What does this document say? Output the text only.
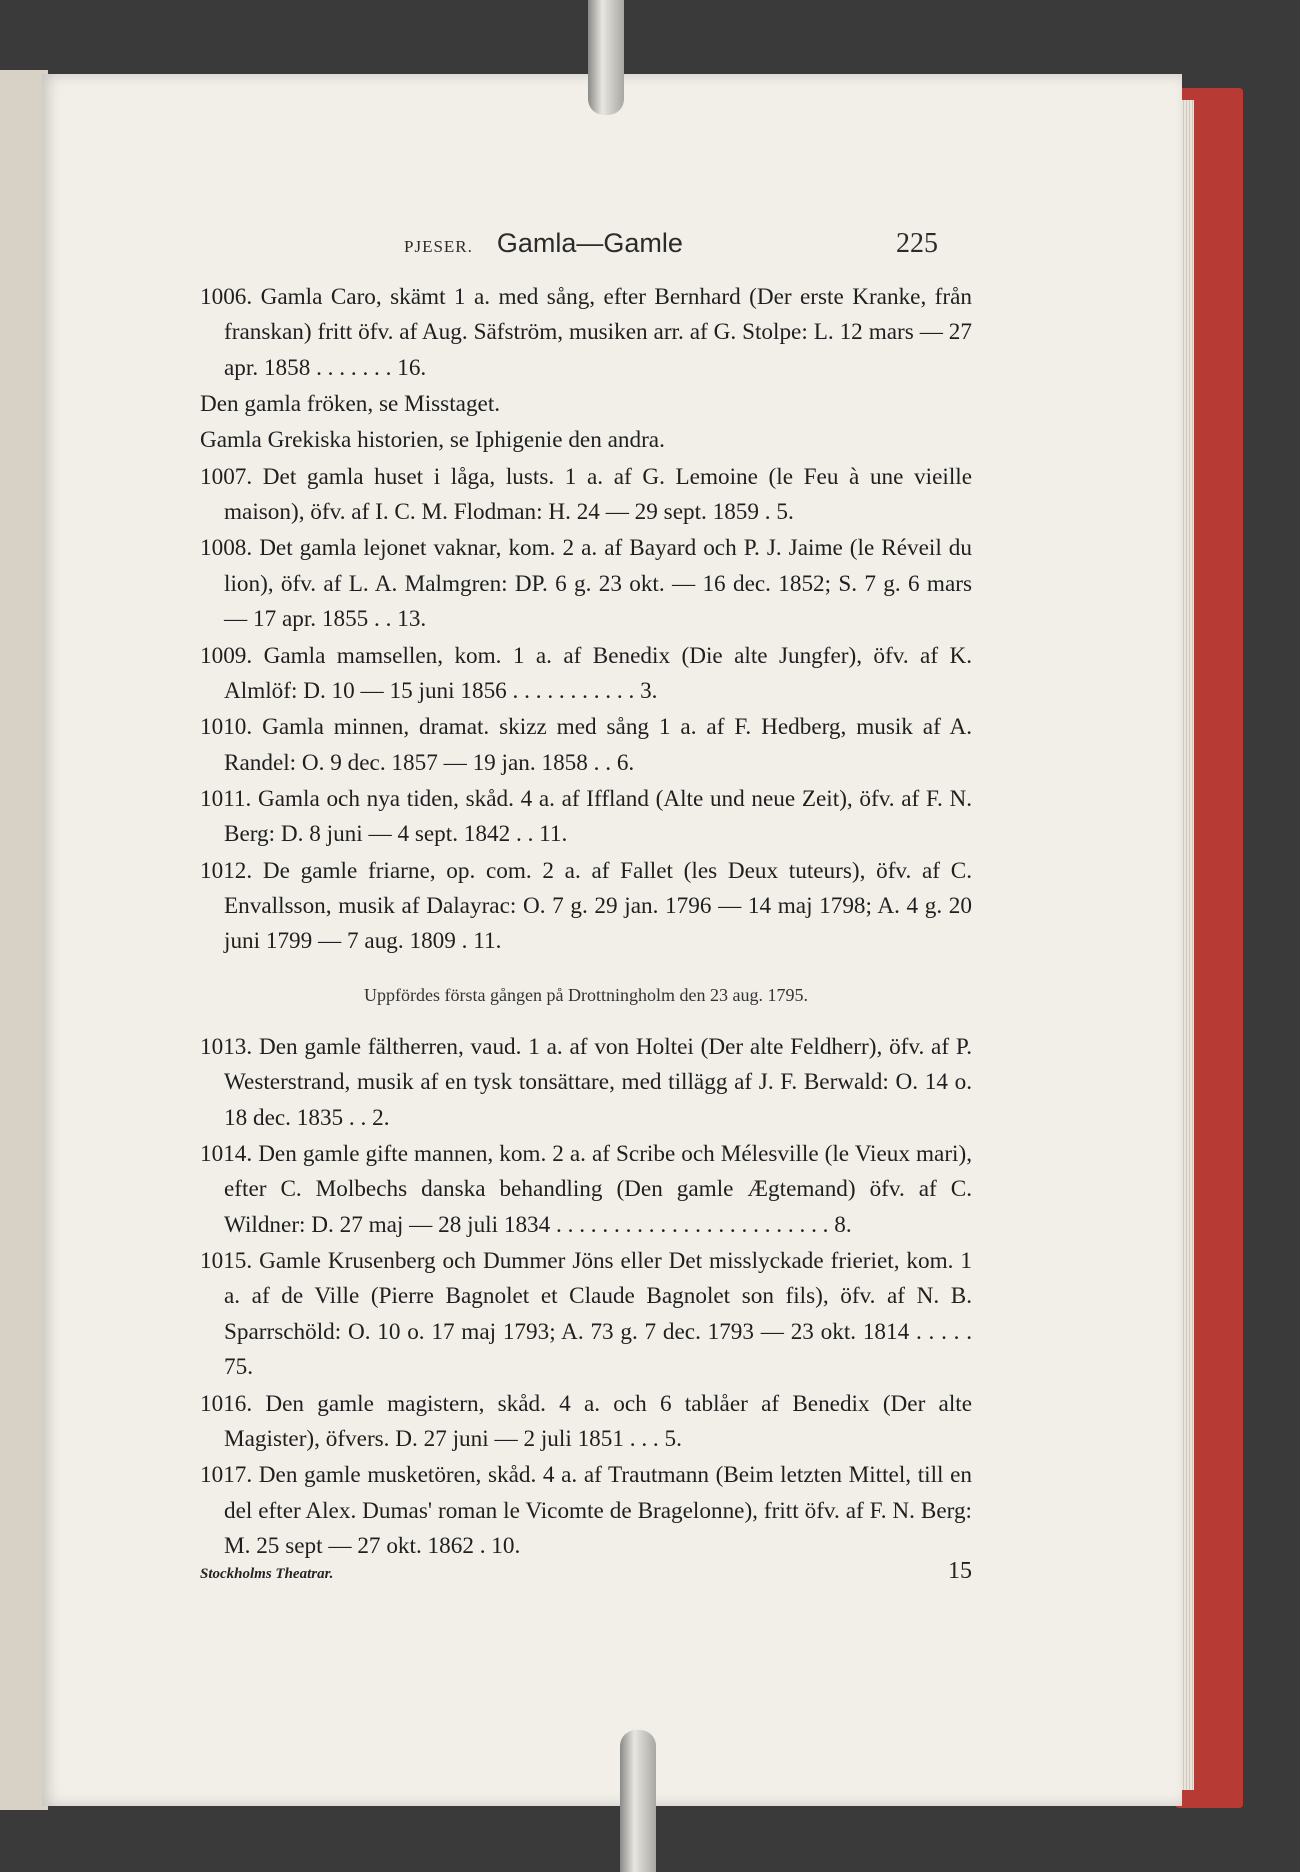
PJESER. Gamla—Gamle	225

1006. Gamla Caro, skämt 1 a. med sång, efter Bernhard (Der erste Kranke, från franskan) fritt öfv. af Aug. Säfström, musiken arr. af G. Stolpe: L. 12 mars — 27 apr. 1858 . . . . . . . 16.

Den gamla fröken, se Misstaget.

Gamla Grekiska historien, se Iphigenie den andra.

1007. Det gamla huset i låga, lusts. 1 a. af G. Lemoine (le Feu à une vieille maison), öfv. af I. C. M. Flodman: H. 24 — 29 sept. 1859 . 5.

1008. Det gamla lejonet vaknar, kom. 2 a. af Bayard och P. J. Jaime (le Réveil du lion), öfv. af L. A. Malmgren: DP. 6 g. 23 okt. — 16 dec. 1852; S. 7 g. 6 mars — 17 apr. 1855 . . 13.

1009. Gamla mamsellen, kom. 1 a. af Benedix (Die alte Jungfer), öfv. af K. Almlöf: D. 10 — 15 juni 1856 . . . . . . . . . . . 3.

1010. Gamla minnen, dramat. skizz med sång 1 a. af F. Hedberg, musik af A. Randel: O. 9 dec. 1857 — 19 jan. 1858 . . 6.

1011. Gamla och nya tiden, skåd. 4 a. af Iffland (Alte und neue Zeit), öfv. af F. N. Berg: D. 8 juni — 4 sept. 1842 . . 11.

1012. De gamle friarne, op. com. 2 a. af Fallet (les Deux tuteurs), öfv. af C. Envallsson, musik af Dalayrac: O. 7 g. 29 jan. 1796 — 14 maj 1798; A. 4 g. 20 juni 1799 — 7 aug. 1809 . 11.

Uppfördes första gången på Drottningholm den 23 aug. 1795.

1013. Den gamle fältherren, vaud. 1 a. af von Holtei (Der alte Feldherr), öfv. af P. Westerstrand, musik af en tysk tonsättare, med tillägg af J. F. Berwald: O. 14 o. 18 dec. 1835 . . 2.

1014. Den gamle gifte mannen, kom. 2 a. af Scribe och Mélesville (le Vieux mari), efter C. Molbechs danska behandling (Den gamle Ægtemand) öfv. af C. Wildner: D. 27 maj — 28 juli 1834 . . . . . . . . . . . . . . . . . . . . . . . . 8.

1015. Gamle Krusenberg och Dummer Jöns eller Det misslyckade frieriet, kom. 1 a. af de Ville (Pierre Bagnolet et Claude Bagnolet son fils), öfv. af N. B. Sparrschöld: O. 10 o. 17 maj 1793; A. 73 g. 7 dec. 1793 — 23 okt. 1814 . . . . . 75.

1016. Den gamle magistern, skåd. 4 a. och 6 tablåer af Benedix (Der alte Magister), öfvers. D. 27 juni — 2 juli 1851 . . . 5.

1017. Den gamle musketören, skåd. 4 a. af Trautmann (Beim letzten Mittel, till en del efter Alex. Dumas' roman le Vicomte de Bragelonne), fritt öfv. af F. N. Berg: M. 25 sept — 27 okt. 1862 . 10.

Stockholms Theatrar.	15
